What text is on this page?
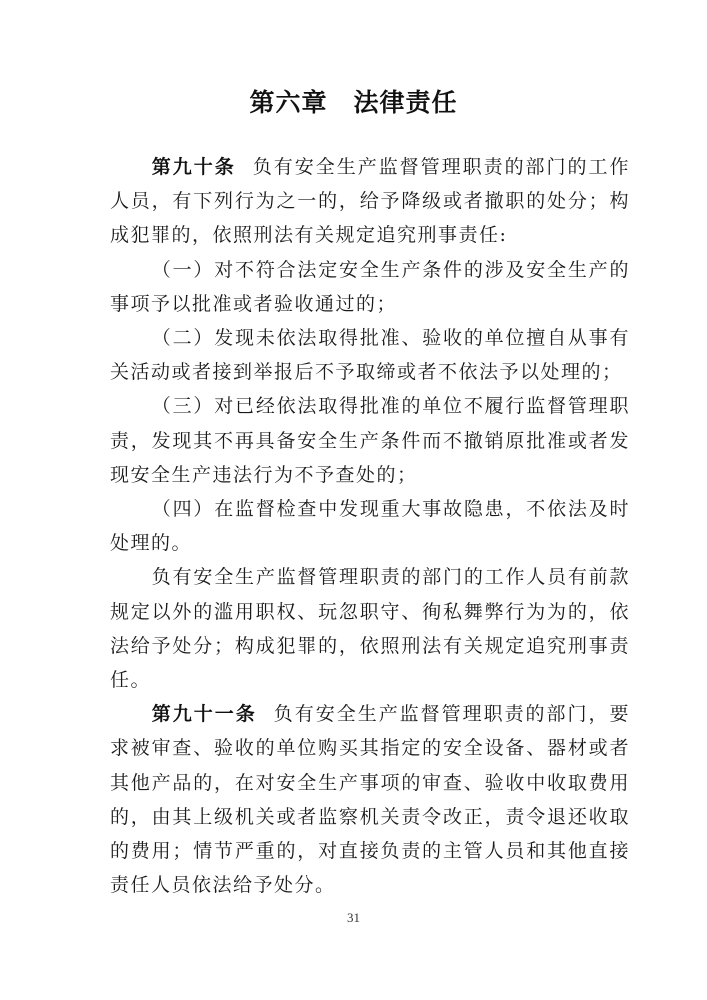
第六章　法律责任

第九十条 负有安全生产监督管理职责的部门的工作人员，有下列行为之一的，给予降级或者撤职的处分；构成犯罪的，依照刑法有关规定追究刑事责任:

（一）对不符合法定安全生产条件的涉及安全生产的事项予以批准或者验收通过的；

（二）发现未依法取得批准、验收的单位擅自从事有关活动或者接到举报后不予取缔或者不依法予以处理的；

（三）对已经依法取得批准的单位不履行监督管理职责，发现其不再具备安全生产条件而不撤销原批准或者发现安全生产违法行为不予查处的；

（四）在监督检查中发现重大事故隐患，不依法及时处理的。

负有安全生产监督管理职责的部门的工作人员有前款规定以外的滥用职权、玩忽职守、徇私舞弊行为为的，依法给予处分；构成犯罪的，依照刑法有关规定追究刑事责任。

第九十一条 负有安全生产监督管理职责的部门，要求被审查、验收的单位购买其指定的安全设备、器材或者其他产品的，在对安全生产事项的审查、验收中收取费用的，由其上级机关或者监察机关责令改正，责令退还收取的费用；情节严重的，对直接负责的主管人员和其他直接责任人员依法给予处分。

31
